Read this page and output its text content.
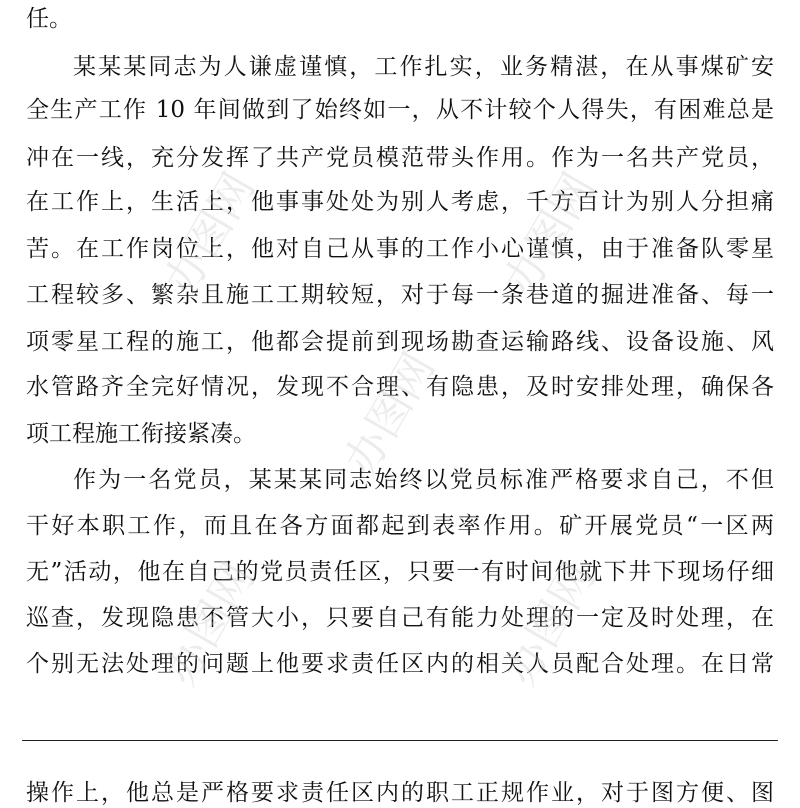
任。

某某某同志为人谦虚谨慎，工作扎实，业务精湛，在从事煤矿安

全生产工作 10 年间做到了始终如一，从不计较个人得失，有困难总是

冲在一线，充分发挥了共产党员模范带头作用。作为一名共产党员，

在工作上，生活上，他事事处处为别人考虑，千方百计为别人分担痛

苦。在工作岗位上，他对自己从事的工作小心谨慎，由于准备队零星

工程较多、繁杂且施工工期较短，对于每一条巷道的掘进准备、每一

项零星工程的施工，他都会提前到现场勘查运输路线、设备设施、风

水管路齐全完好情况，发现不合理、有隐患，及时安排处理，确保各

项工程施工衔接紧凑。

作为一名党员，某某某同志始终以党员标准严格要求自己，不但

干好本职工作，而且在各方面都起到表率作用。矿开展党员“一区两

无”活动，他在自己的党员责任区，只要一有时间他就下井下现场仔细

巡查，发现隐患不管大小，只要自己有能力处理的一定及时处理，在

个别无法处理的问题上他要求责任区内的相关人员配合处理。在日常

操作上，他总是严格要求责任区内的职工正规作业，对于图方便、图

办图网	办图网
办图网	办图网
办图网
